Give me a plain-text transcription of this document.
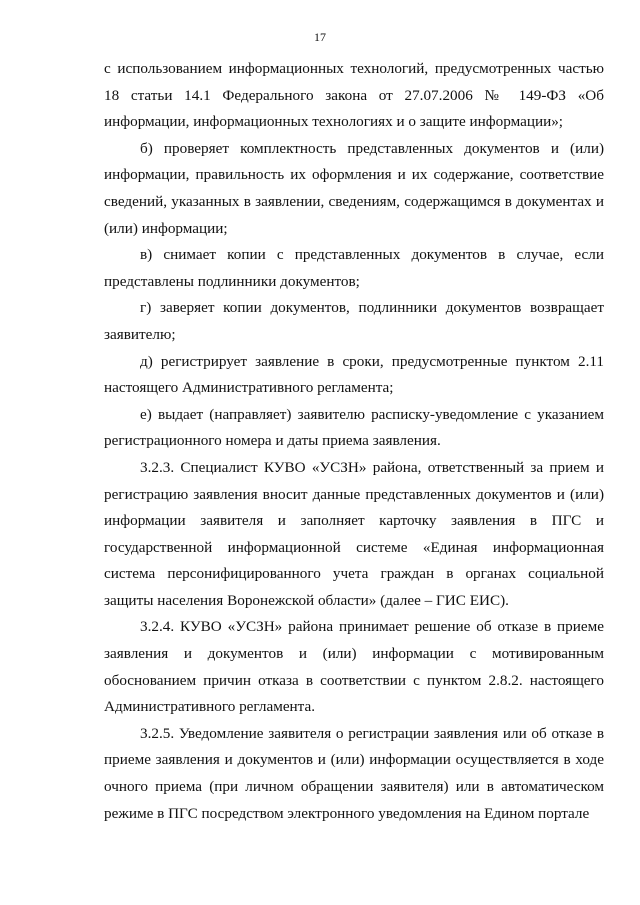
17

с использованием информационных технологий, предусмотренных частью 18 статьи 14.1 Федерального закона от 27.07.2006 № 149-ФЗ «Об информации, информационных технологиях и о защите информации»;

б) проверяет комплектность представленных документов и (или) информации, правильность их оформления и их содержание, соответствие сведений, указанных в заявлении, сведениям, содержащимся в документах и (или) информации;

в) снимает копии с представленных документов в случае, если представлены подлинники документов;

г) заверяет копии документов, подлинники документов возвращает заявителю;

д) регистрирует заявление в сроки, предусмотренные пунктом 2.11 настоящего Административного регламента;

е) выдает (направляет) заявителю расписку-уведомление с указанием регистрационного номера и даты приема заявления.

3.2.3. Специалист КУВО «УСЗН» района, ответственный за прием и регистрацию заявления вносит данные представленных документов и (или) информации заявителя и заполняет карточку заявления в ПГС и государственной информационной системе «Единая информационная система персонифицированного учета граждан в органах социальной защиты населения Воронежской области» (далее – ГИС ЕИС).

3.2.4. КУВО «УСЗН» района принимает решение об отказе в приеме заявления и документов и (или) информации с мотивированным обоснованием причин отказа в соответствии с пунктом 2.8.2. настоящего Административного регламента.

3.2.5. Уведомление заявителя о регистрации заявления или об отказе в приеме заявления и документов и (или) информации осуществляется в ходе очного приема (при личном обращении заявителя) или в автоматическом режиме в ПГС посредством электронного уведомления на Едином портале
